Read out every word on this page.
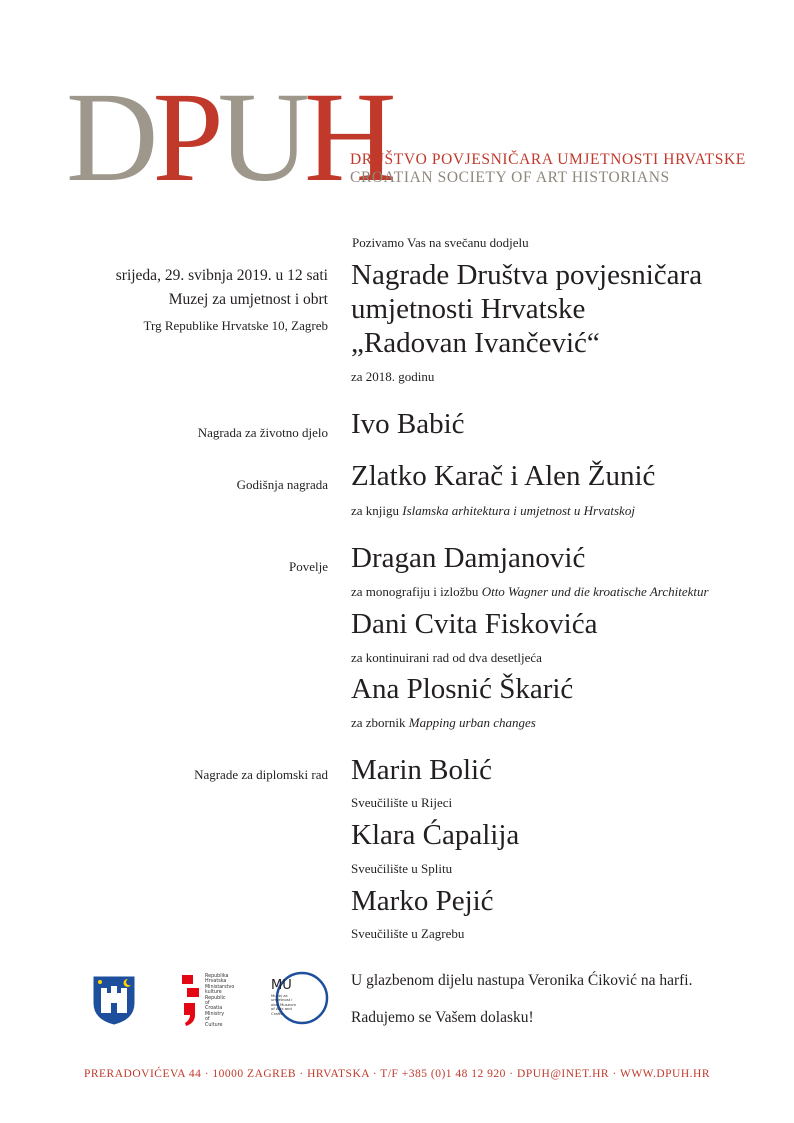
DPUH
DRUŠTVO POVJESNIČARA UMJETNOSTI HRVATSKE
CROATIAN SOCIETY OF ART HISTORIANS
Pozivamo Vas na svečanu dodjelu
srijeda, 29. svibnja 2019. u 12 sati
Muzej za umjetnost i obrt
Trg Republike Hrvatske 10, Zagreb
Nagrade Društva povjesničara
umjetnosti Hrvatske
„Radovan Ivančević“
za 2018. godinu
Nagrada za životno djelo Ivo Babić
Godišnja nagrada Zlatko Karač i Alen Žunić
za knjigu Islamska arhitektura i umjetnost u Hrvatskoj
Povelje Dragan Damjanović
za monografiju i izložbu Otto Wagner und die kroatische Architektur
Dani Cvita Fiskovića
za kontinuirani rad od dva desetljeća
Ana Plosnić Škarić
za zbornik Mapping urban changes
Nagrade za diplomski rad Marin Bolić
Sveučilište u Rijeci
Klara Ćapalija
Sveučilište u Splitu
Marko Pejić
Sveučilište u Zagrebu
Republika Hrvatska Ministarstvo kulture Republic of Croatia Ministry of Culture
MU
Muzej za umjetnost i obrt Museum of Arts and Crafts
U glazbenom dijelu nastupa Veronika Ćiković na harfi.
Radujemo se Vašem dolasku!
PRERADOVIĆEVA 44 · 10000 ZAGREB · HRVATSKA · T/F +385 (0)1 48 12 920 · DPUH@INET.HR · WWW.DPUH.HR
